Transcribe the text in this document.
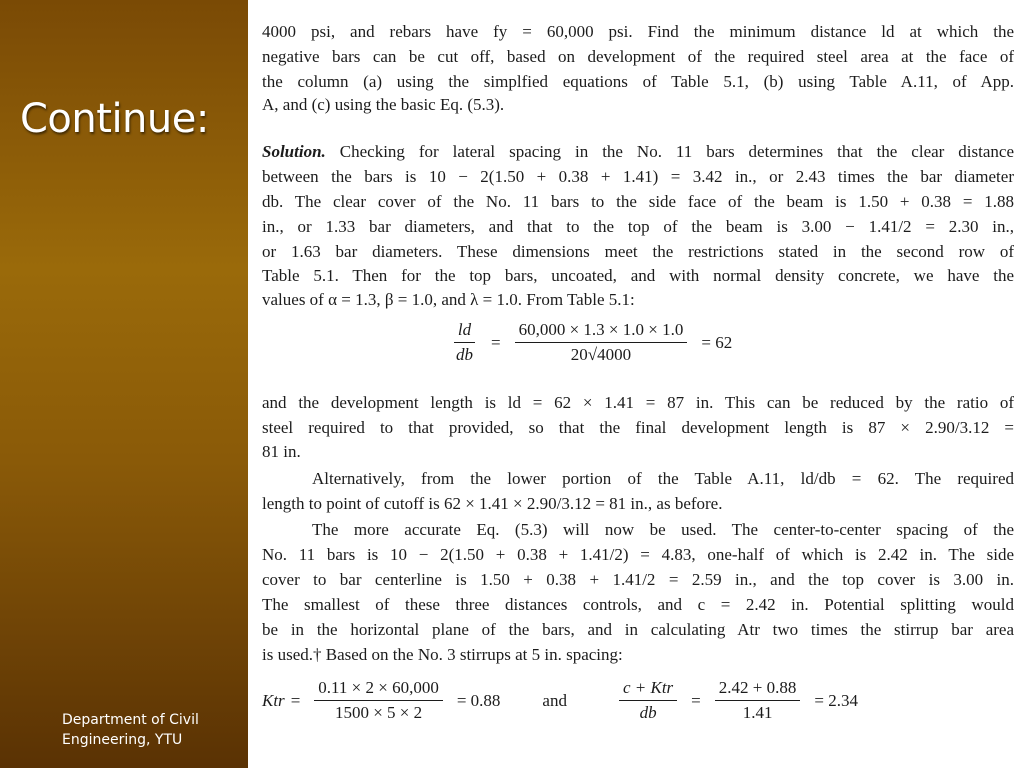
Continue:
Department of Civil
Engineering, YTU

4000 psi, and rebars have fy = 60,000 psi. Find the minimum distance ld at which the

negative bars can be cut off, based on development of the required steel area at the face of

the column (a) using the simplfied equations of Table 5.1, (b) using Table A.11, of App.

A, and (c) using the basic Eq. (5.3).

Solution. Checking for lateral spacing in the No. 11 bars determines that the clear distance

between the bars is 10 − 2(1.50 + 0.38 + 1.41) = 3.42 in., or 2.43 times the bar diameter

db. The clear cover of the No. 11 bars to the side face of the beam is 1.50 + 0.38 = 1.88

in., or 1.33 bar diameters, and that to the top of the beam is 3.00 − 1.41/2 = 2.30 in.,

or 1.63 bar diameters. These dimensions meet the restrictions stated in the second row of

Table 5.1. Then for the top bars, uncoated, and with normal density concrete, we have the

values of α = 1.3, β = 1.0, and λ = 1.0. From Table 5.1:

$\frac{ld}{db} = \frac{60,000 \times 1.3 \times 1.0 \times 1.0}{20√4000} = 62$

and the development length is ld = 62 × 1.41 = 87 in. This can be reduced by the ratio of

steel required to that provided, so that the final development length is 87 × 2.90/3.12 =

81 in.

Alternatively, from the lower portion of the Table A.11, ld/db = 62. The required

length to point of cutoff is 62 × 1.41 × 2.90/3.12 = 81 in., as before.

The more accurate Eq. (5.3) will now be used. The center-to-center spacing of the

No. 11 bars is 10 − 2(1.50 + 0.38 + 1.41/2) = 4.83, one-half of which is 2.42 in. The side

cover to bar centerline is 1.50 + 0.38 + 1.41/2 = 2.59 in., and the top cover is 3.00 in.

The smallest of these three distances controls, and c = 2.42 in. Potential splitting would

be in the horizontal plane of the bars, and in calculating Atr two times the stirrup bar area

is used.† Based on the No. 3 stirrups at 5 in. spacing:

Ktr = $\frac{0.11 \times 2 \times 60,000}{1500 \times 5 \times 2} = 0.88$ and	$\frac{\text{c + Ktr}}{db} = \frac{2.42 + 0.88}{1.41} = 2.34$
